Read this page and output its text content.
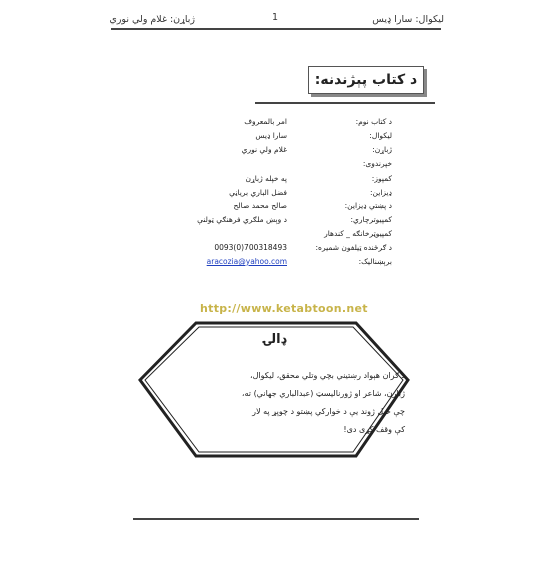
ليکوال: سارا ډيس
1
ژباړن: غلام ولي نوري
د کتاب پېژندنه:
د کتاب نوم:
ليکوال:
ژباړن:
خپرندوی:
کمپوز:
ډيزاين:
د پښتي ډيزاين:
کمپيوترچاري:
کمپيوټرخانګه _ کندهار
د ګرځنده ټيلفون شميره:
برېښناليک:
امر بالمعروف
سارا ډيس
غلام ولي نوري
په خپله ژباړن
فضل الباري برياڼي
صالح محمد صالح
د وېښ ملګري فرهنګي ټولنې
0093(0)700318493
aracozia@yahoo.com
http://www.ketabtoon.net
ډالۍ
د ګران هېواد رښتيني بچي وتلي محقق، ليکوال،
ژباړن، شاعر او ژورناليسټ (عبدالباري جهاني) ته،
چې خپل ژوند يې د خوارکي پښتو د چوپړ په لار
کې وقف کړی دی!
